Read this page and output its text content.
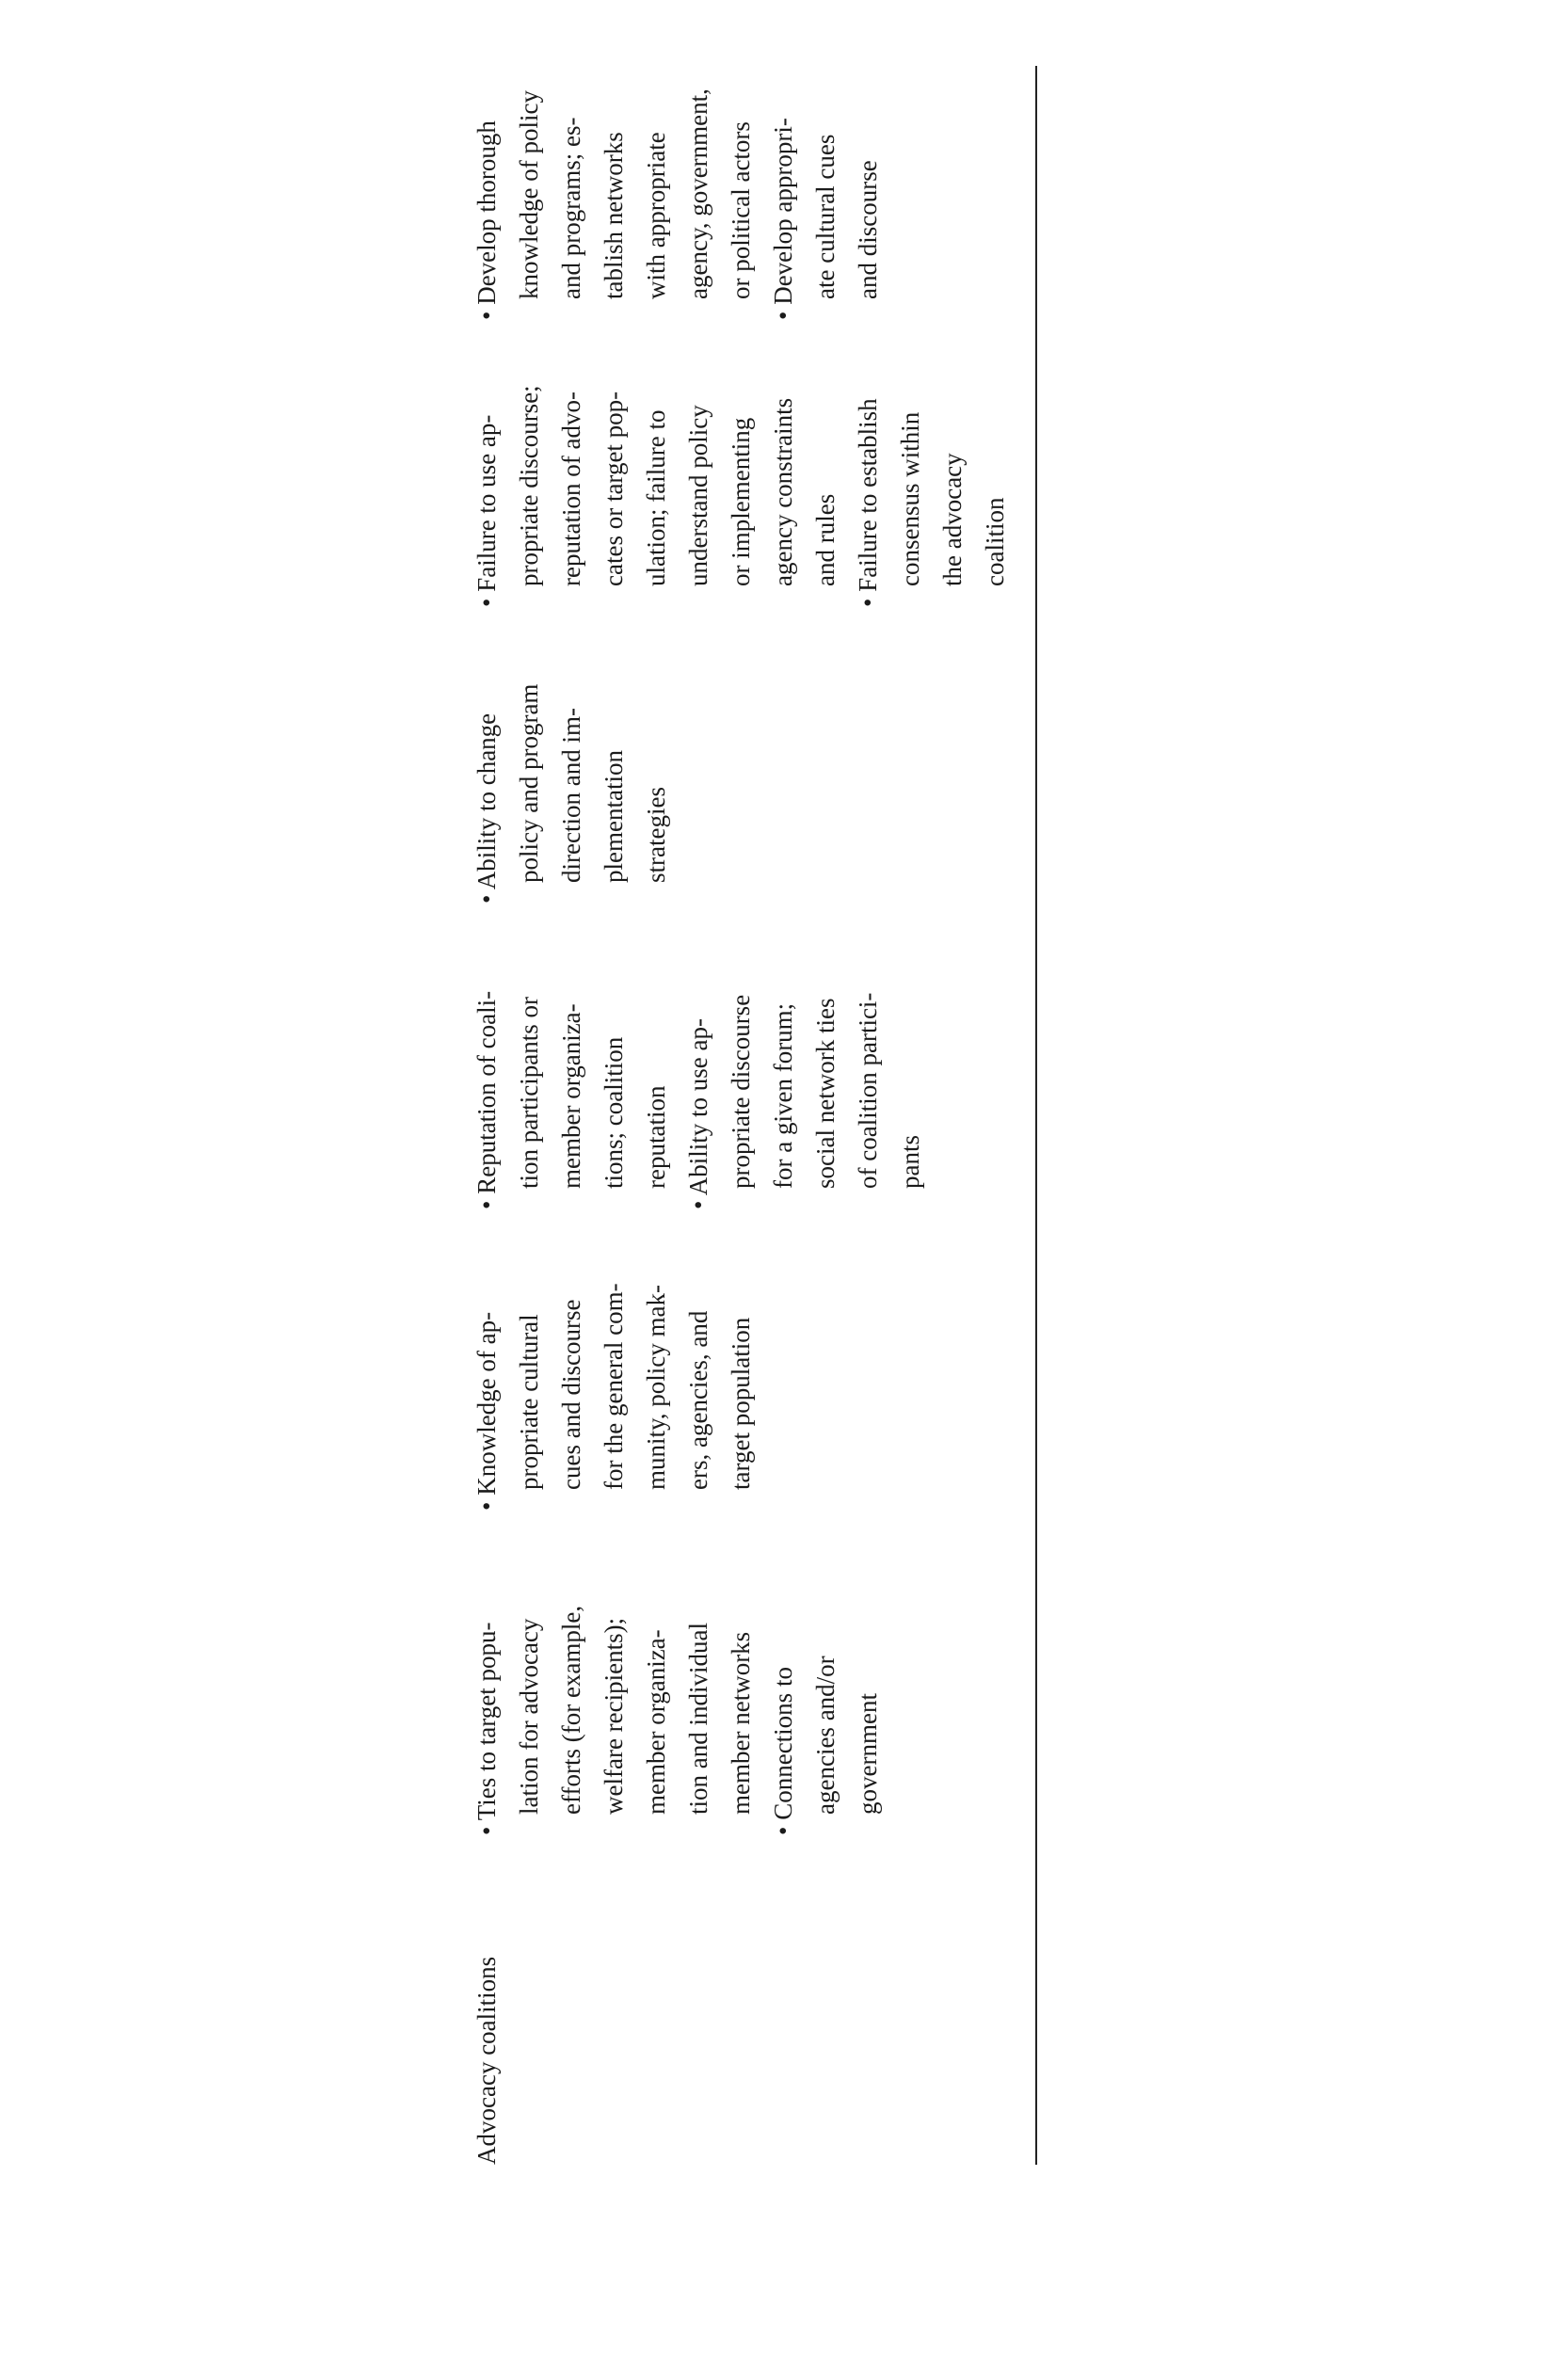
Advocacy coalitions
• Ties to target popu- lation for advocacy efforts (for example, welfare recipients); member organiza- tion and individual member networks • Connections to agencies and/or government
• Knowledge of ap- propriate cultural cues and discourse for the general com- munity, policy mak- ers, agencies, and target population
• Reputation of coali- tion participants or member organiza- tions; coalition reputation • Ability to use ap- propriate discourse for a given forum; social network ties of coalition partici- pants
• Ability to change policy and program direction and im- plementation strategies
• Failure to use ap- propriate discourse; reputation of advo- cates or target pop- ulation; failure to understand policy or implementing agency constraints and rules • Failure to establish consensus within the advocacy coalition
• Develop thorough knowledge of policy and programs; es- tablish networks with appropriate agency, government, or political actors • Develop appropri- ate cultural cues and discourse
